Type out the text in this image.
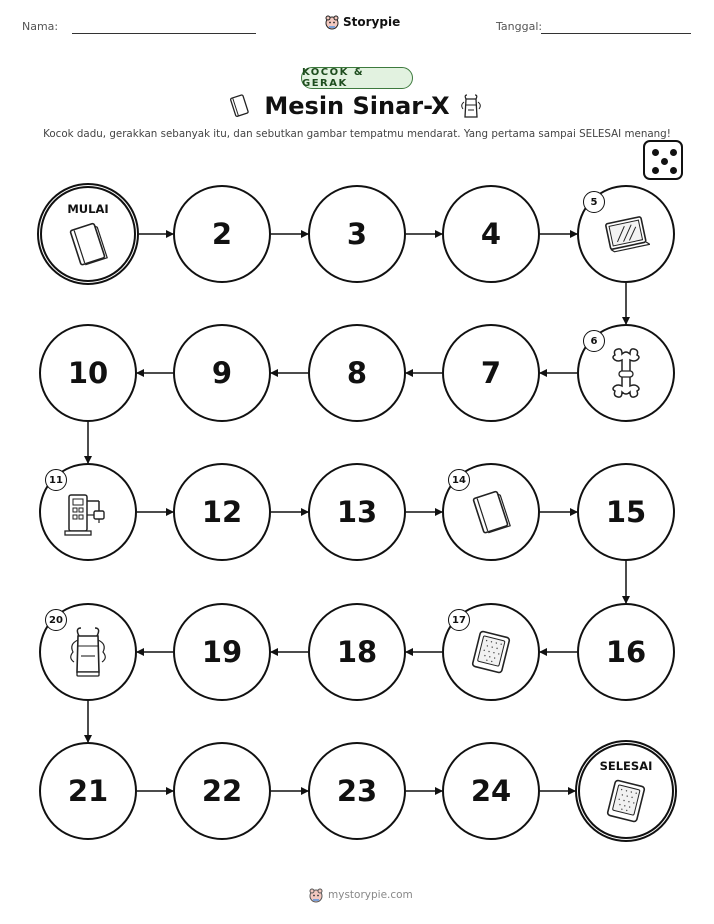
Nama:	Storypie	Tanggal:
KOCOK & GERAK
Mesin Sinar-X
Kocok dadu, gerakkan sebanyak itu, dan sebutkan gambar tempatmu mendarat. Yang pertama sampai SELESAI menang!
MULAI
2	3	4
5
6
7
8
9
10
11
12	13
14
15
16
17
18
19
20
21	22	23	24
SELESAI
mystorypie.com
